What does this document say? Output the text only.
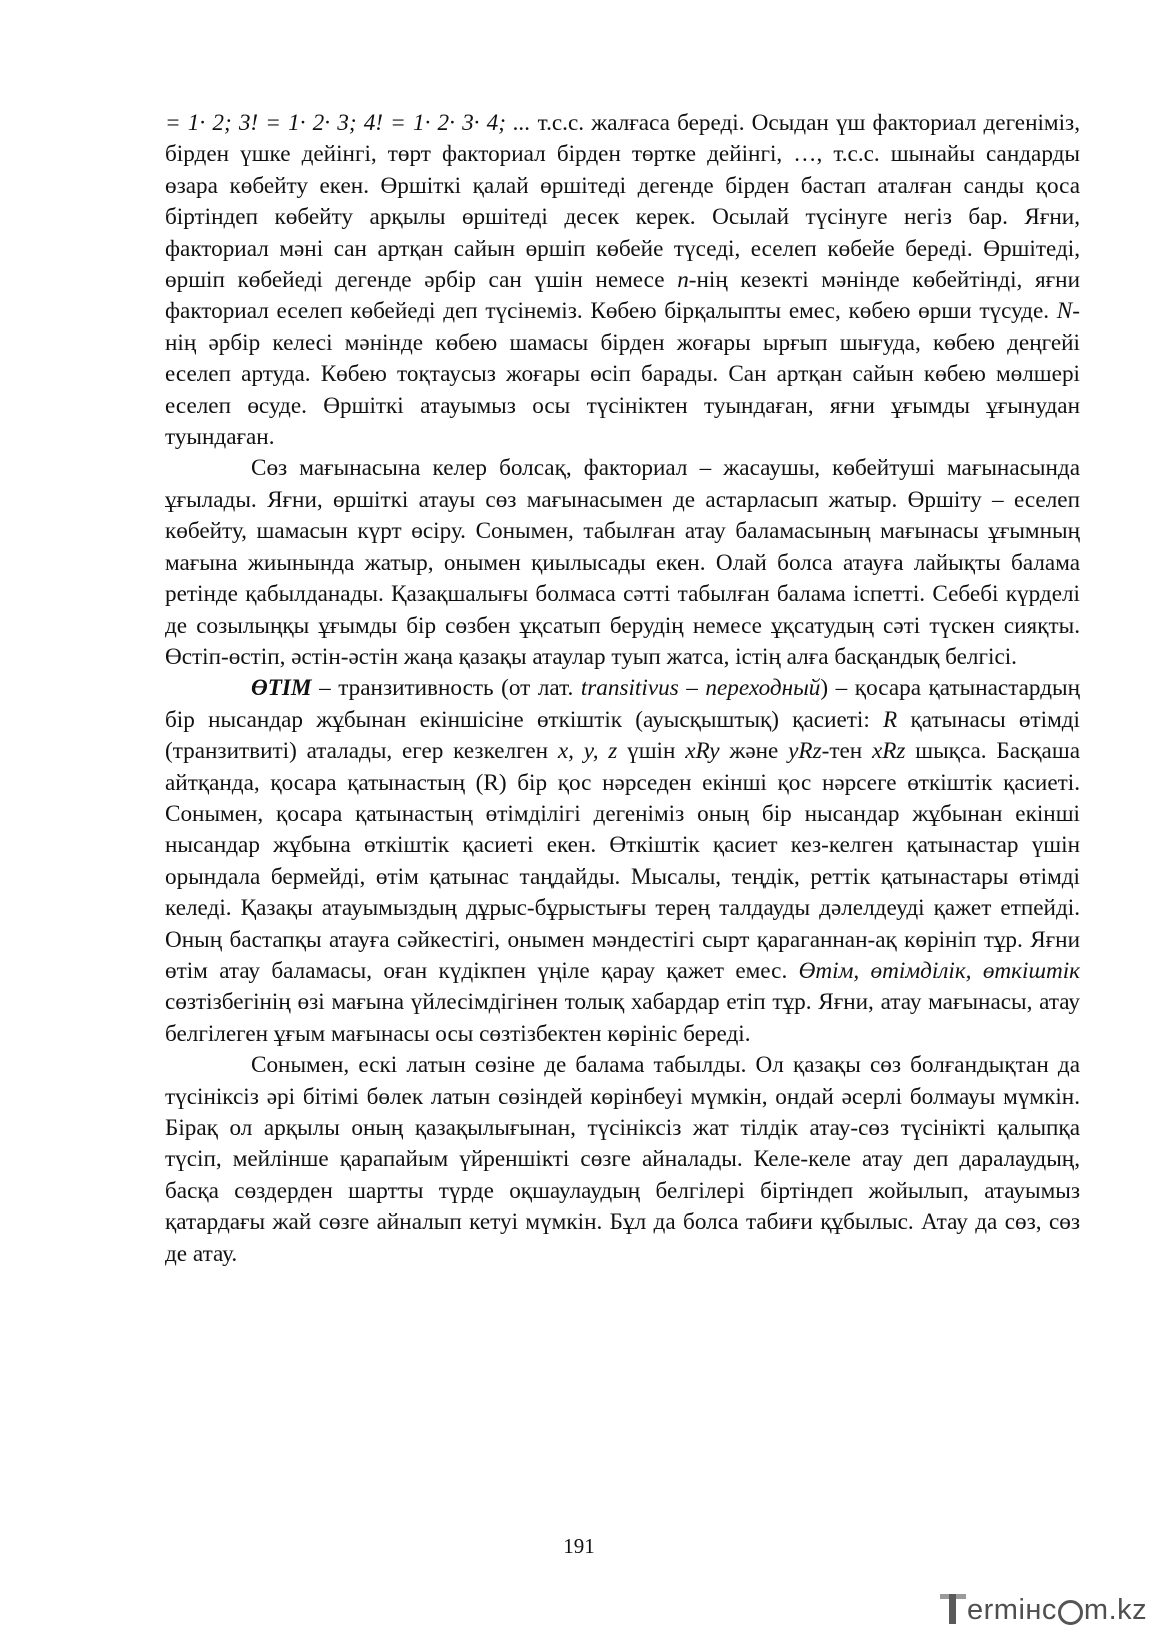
= 1· 2; 3! = 1· 2· 3; 4! = 1· 2· 3· 4; ... т.с.с. жалғаса береді. Осыдан үш факториал дегеніміз, бірден үшке дейінгі, төрт факториал бірден төртке дейінгі, …, т.с.с. шынайы сандарды өзара көбейту екен. Өршіткі қалай өршітеді дегенде бірден бастап аталған санды қоса біртіндеп көбейту арқылы өршітеді десек керек. Осылай түсінуге негіз бар. Яғни, факториал мәні сан артқан сайын өршіп көбейе түседі, еселеп көбейе береді. Өршітеді, өршіп көбейеді дегенде әрбір сан үшін немесе n-нің кезекті мәнінде көбейтінді, яғни факториал еселеп көбейеді деп түсінеміз. Көбею бірқалыпты емес, көбею өрши түсуде. N-нің әрбір келесі мәнінде көбею шамасы бірден жоғары ырғып шығуда, көбею деңгейі еселеп артуда. Көбею тоқтаусыз жоғары өсіп барады. Сан артқан сайын көбею мөлшері еселеп өсуде. Өршіткі атауымыз осы түсініктен туындаған, яғни ұғымды ұғынудан туындаған.

Сөз мағынасына келер болсақ, факториал – жасаушы, көбейтуші мағынасында ұғылады. Яғни, өршіткі атауы сөз мағынасымен де астарласып жатыр. Өршіту – еселеп көбейту, шамасын күрт өсіру. Сонымен, табылған атау баламасының мағынасы ұғымның мағына жиынында жатыр, онымен қиылысады екен. Олай болса атауға лайықты балама ретінде қабылданады. Қазақшалығы болмаса сәтті табылған балама іспетті. Себебі күрделі де созылыңқы ұғымды бір сөзбен ұқсатып берудің немесе ұқсатудың сәті түскен сияқты. Өстіп-өстіп, әстін-әстін жаңа қазақы атаулар туып жатса, істің алға басқандық белгісі.

ӨТІМ – транзитивность (от лат. transitivus – переходный) – қосара қатынастардың бір нысандар жұбынан екіншісіне өткіштік (ауысқыштық) қасиеті: R қатынасы өтімді (транзитвиті) аталады, егер кезкелген x, y, z үшін xRy және yRz-тен xRz шықса. Басқаша айтқанда, қосара қатынастың (R) бір қос нәрседен екінші қос нәрсеге өткіштік қасиеті. Сонымен, қосара қатынастың өтімділігі дегеніміз оның бір нысандар жұбынан екінші нысандар жұбына өткіштік қасиеті екен. Өткіштік қасиет кез-келген қатынастар үшін орындала бермейді, өтім қатынас таңдайды. Мысалы, теңдік, реттік қатынастары өтімді келеді. Қазақы атауымыздың дұрыс-бұрыстығы терең талдауды дәлелдеуді қажет етпейді. Оның бастапқы атауға сәйкестігі, онымен мәндестігі сырт қараганнан-ақ көрініп тұр. Яғни өтім атау баламасы, оған күдікпен үңіле қарау қажет емес. Өтім, өтімділік, өткіштік сөзтізбегінің өзі мағына үйлесімдігінен толық хабардар етіп тұр. Яғни, атау мағынасы, атау белгілеген ұғым мағынасы осы сөзтізбектен көрініс береді.

Сонымен, ескі латын сөзіне де балама табылды. Ол қазақы сөз болғандықтан да түсініксіз әрі бітімі бөлек латын сөзіндей көрінбеуі мүмкін, ондай әсерлі болмауы мүмкін. Бірақ ол арқылы оның қазақылығынан, түсініксіз жат тілдік атау-сөз түсінікті қалыпқа түсіп, мейлінше қарапайым үйреншікті сөзге айналады. Келе-келе атау деп даралаудың, басқа сөздерден шартты түрде оқшаулаудың белгілері біртіндеп жойылып, атауымыз қатардағы жай сөзге айналып кетуі мүмкін. Бұл да болса табиғи құбылыс. Атау да сөз, сөз де атау.

191
ermінc m.kz
